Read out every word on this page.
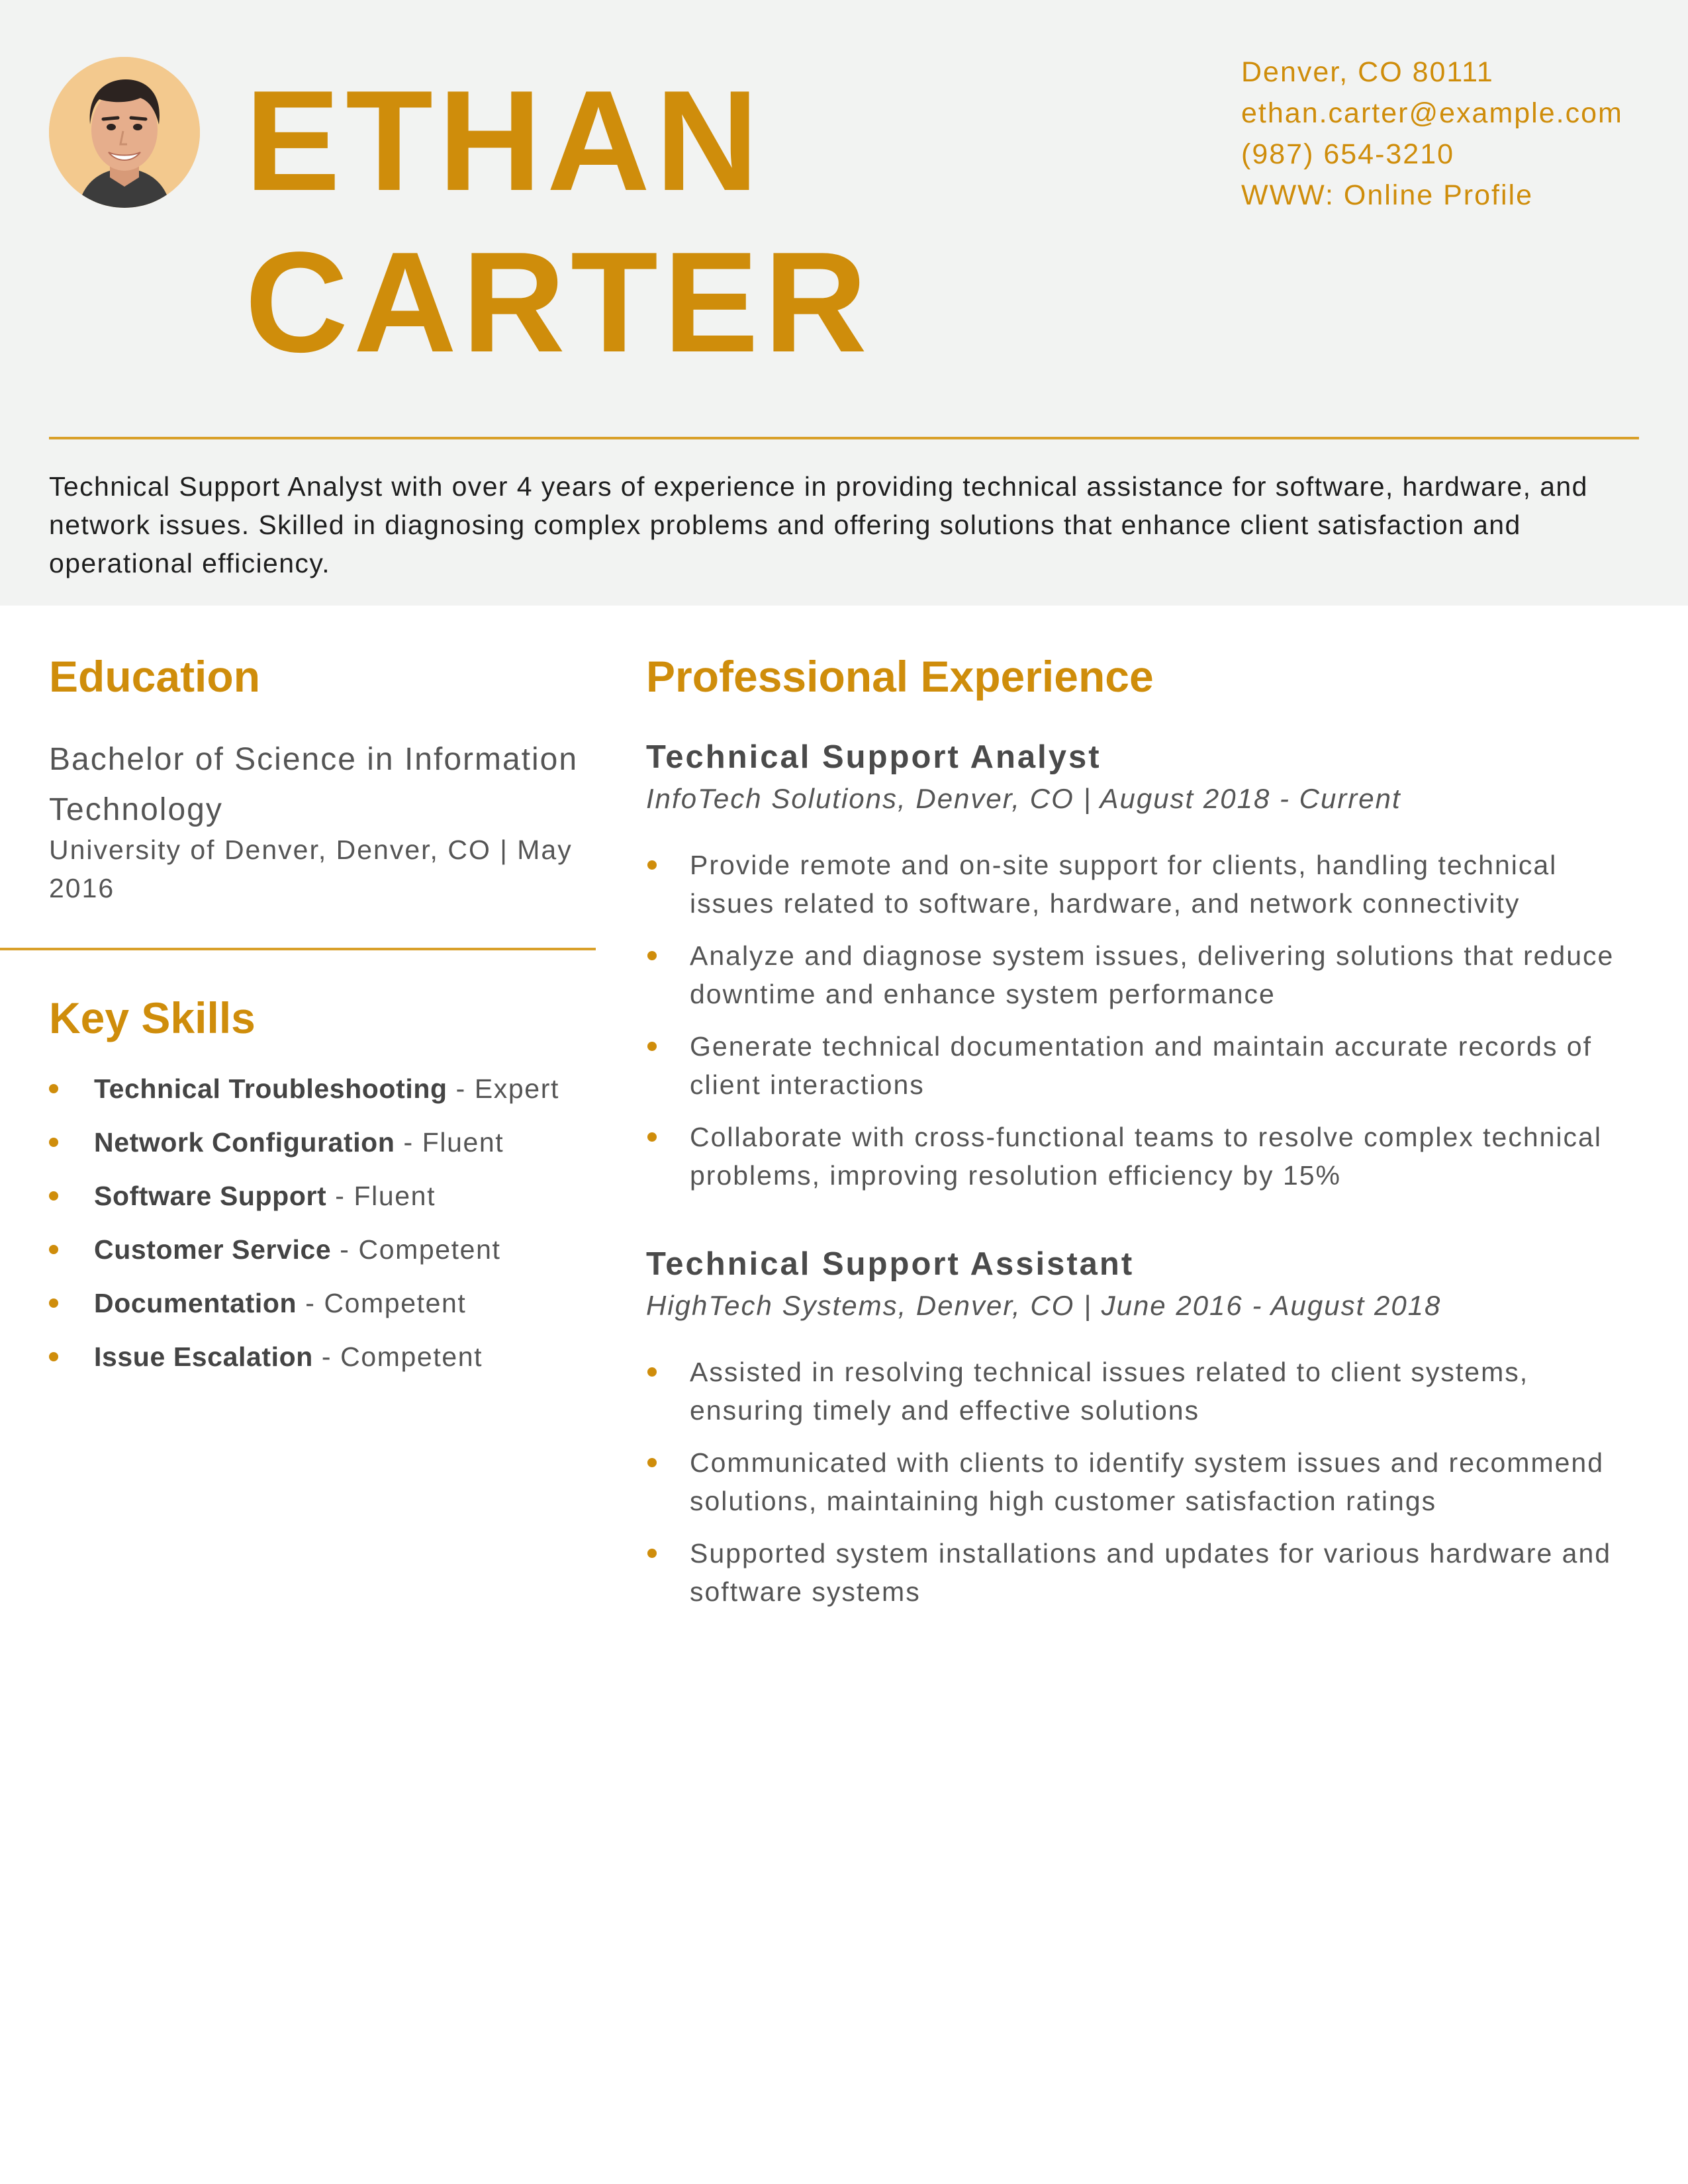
ETHAN
CARTER
Denver, CO 80111
ethan.carter@example.com
(987) 654-3210
WWW: Online Profile
Technical Support Analyst with over 4 years of experience in providing technical assistance for software, hardware, and network issues. Skilled in diagnosing complex problems and offering solutions that enhance client satisfaction and operational efficiency.
Education
Bachelor of Science in Information Technology
University of Denver, Denver, CO | May 2016
Key Skills
Technical Troubleshooting - Expert
Network Configuration - Fluent
Software Support - Fluent
Customer Service - Competent
Documentation - Competent
Issue Escalation - Competent
Professional Experience
Technical Support Analyst
InfoTech Solutions, Denver, CO | August 2018 - Current
Provide remote and on-site support for clients, handling technical issues related to software, hardware, and network connectivity
Analyze and diagnose system issues, delivering solutions that reduce downtime and enhance system performance
Generate technical documentation and maintain accurate records of client interactions
Collaborate with cross-functional teams to resolve complex technical problems, improving resolution efficiency by 15%
Technical Support Assistant
HighTech Systems, Denver, CO | June 2016 - August 2018
Assisted in resolving technical issues related to client systems, ensuring timely and effective solutions
Communicated with clients to identify system issues and recommend solutions, maintaining high customer satisfaction ratings
Supported system installations and updates for various hardware and software systems
